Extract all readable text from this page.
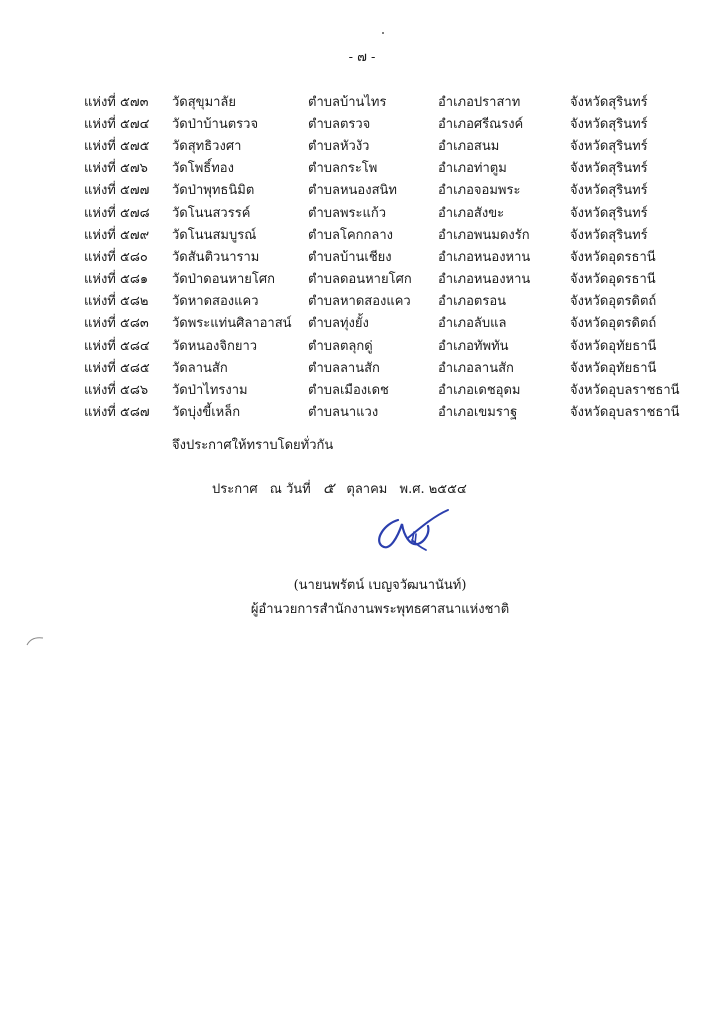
- ๗ -
แห่งที่ ๕๗๓	วัดสุขุมาลัย	ตำบลบ้านไทร	อำเภอปราสาท	จังหวัดสุรินทร์
แห่งที่ ๕๗๔	วัดป่าบ้านตรวจ	ตำบลตรวจ	อำเภอศรีณรงค์	จังหวัดสุรินทร์
แห่งที่ ๕๗๕	วัดสุทธิวงศา	ตำบลหัวงัว	อำเภอสนม	จังหวัดสุรินทร์
แห่งที่ ๕๗๖	วัดโพธิ์ทอง	ตำบลกระโพ	อำเภอท่าตูม	จังหวัดสุรินทร์
แห่งที่ ๕๗๗	วัดป่าพุทธนิมิต	ตำบลหนองสนิท	อำเภอจอมพระ	จังหวัดสุรินทร์
แห่งที่ ๕๗๘	วัดโนนสวรรค์	ตำบลพระแก้ว	อำเภอสังขะ	จังหวัดสุรินทร์
แห่งที่ ๕๗๙	วัดโนนสมบูรณ์	ตำบลโคกกลาง	อำเภอพนมดงรัก	จังหวัดสุรินทร์
แห่งที่ ๕๘๐	วัดสันติวนาราม	ตำบลบ้านเชียง	อำเภอหนองหาน	จังหวัดอุดรธานี
แห่งที่ ๕๘๑	วัดป่าดอนหายโศก	ตำบลดอนหายโศก	อำเภอหนองหาน	จังหวัดอุดรธานี
แห่งที่ ๕๘๒	วัดหาดสองแคว	ตำบลหาดสองแคว	อำเภอตรอน	จังหวัดอุตรดิตถ์
แห่งที่ ๕๘๓	วัดพระแท่นศิลาอาสน์	ตำบลทุ่งยั้ง	อำเภอลับแล	จังหวัดอุตรดิตถ์
แห่งที่ ๕๘๔	วัดหนองจิกยาว	ตำบลตลุกดู่	อำเภอทัพทัน	จังหวัดอุทัยธานี
แห่งที่ ๕๘๕	วัดลานสัก	ตำบลลานสัก	อำเภอลานสัก	จังหวัดอุทัยธานี
แห่งที่ ๕๘๖	วัดป่าไทรงาม	ตำบลเมืองเดช	อำเภอเดชอุดม	จังหวัดอุบลราชธานี
แห่งที่ ๕๘๗	วัดบุ่งขี้เหล็ก	ตำบลนาแวง	อำเภอเขมราฐ	จังหวัดอุบลราชธานี
จึงประกาศให้ทราบโดยทั่วกัน
ประกาศ ณ วันที่ ๕ ตุลาคม พ.ศ. ๒๕๕๔
(นายนพรัตน์ เบญจวัฒนานันท์)
ผู้อำนวยการสำนักงานพระพุทธศาสนาแห่งชาติ
